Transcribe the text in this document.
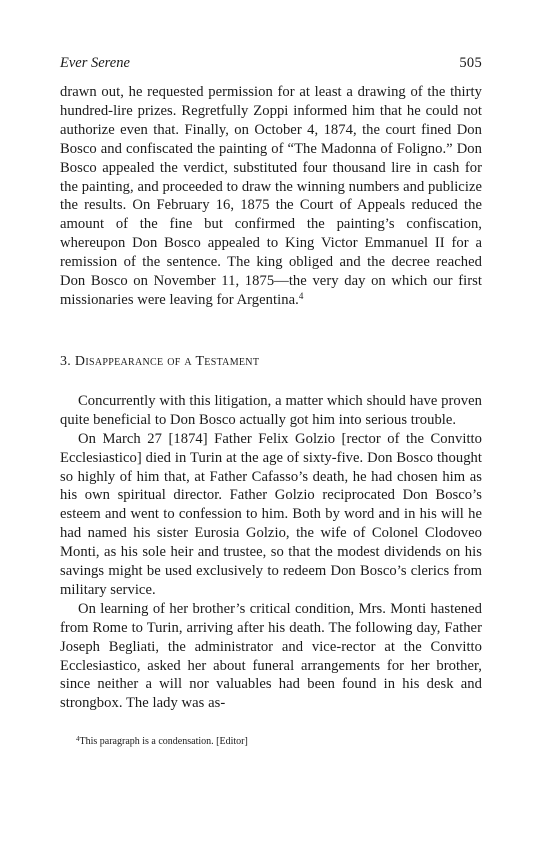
Ever Serene	505

drawn out, he requested permission for at least a drawing of the thirty hundred-lire prizes. Regretfully Zoppi informed him that he could not authorize even that. Finally, on October 4, 1874, the court fined Don Bosco and confiscated the painting of “The Madonna of Foligno.” Don Bosco appealed the verdict, substituted four thousand lire in cash for the painting, and proceeded to draw the winning numbers and publicize the results. On February 16, 1875 the Court of Appeals reduced the amount of the fine but confirmed the painting’s confiscation, whereupon Don Bosco appealed to King Victor Emmanuel II for a remission of the sentence. The king obliged and the decree reached Don Bosco on November 11, 1875—the very day on which our first missionaries were leaving for Argentina.$^4$

3. Disappearance of a Testament

Concurrently with this litigation, a matter which should have proven quite beneficial to Don Bosco actually got him into serious trouble.

On March 27 [1874] Father Felix Golzio [rector of the Convitto Ecclesiastico] died in Turin at the age of sixty-five. Don Bosco thought so highly of him that, at Father Cafasso’s death, he had chosen him as his own spiritual director. Father Golzio reciprocated Don Bosco’s esteem and went to confession to him. Both by word and in his will he had named his sister Eurosia Golzio, the wife of Colonel Clodoveo Monti, as his sole heir and trustee, so that the modest dividends on his savings might be used exclusively to redeem Don Bosco’s clerics from military service.

On learning of her brother’s critical condition, Mrs. Monti hastened from Rome to Turin, arriving after his death. The following day, Father Joseph Begliati, the administrator and vice-rector at the Convitto Ecclesiastico, asked her about funeral arrangements for her brother, since neither a will nor valuables had been found in his desk and strongbox. The lady was as-

$^4$This paragraph is a condensation. [Editor]
